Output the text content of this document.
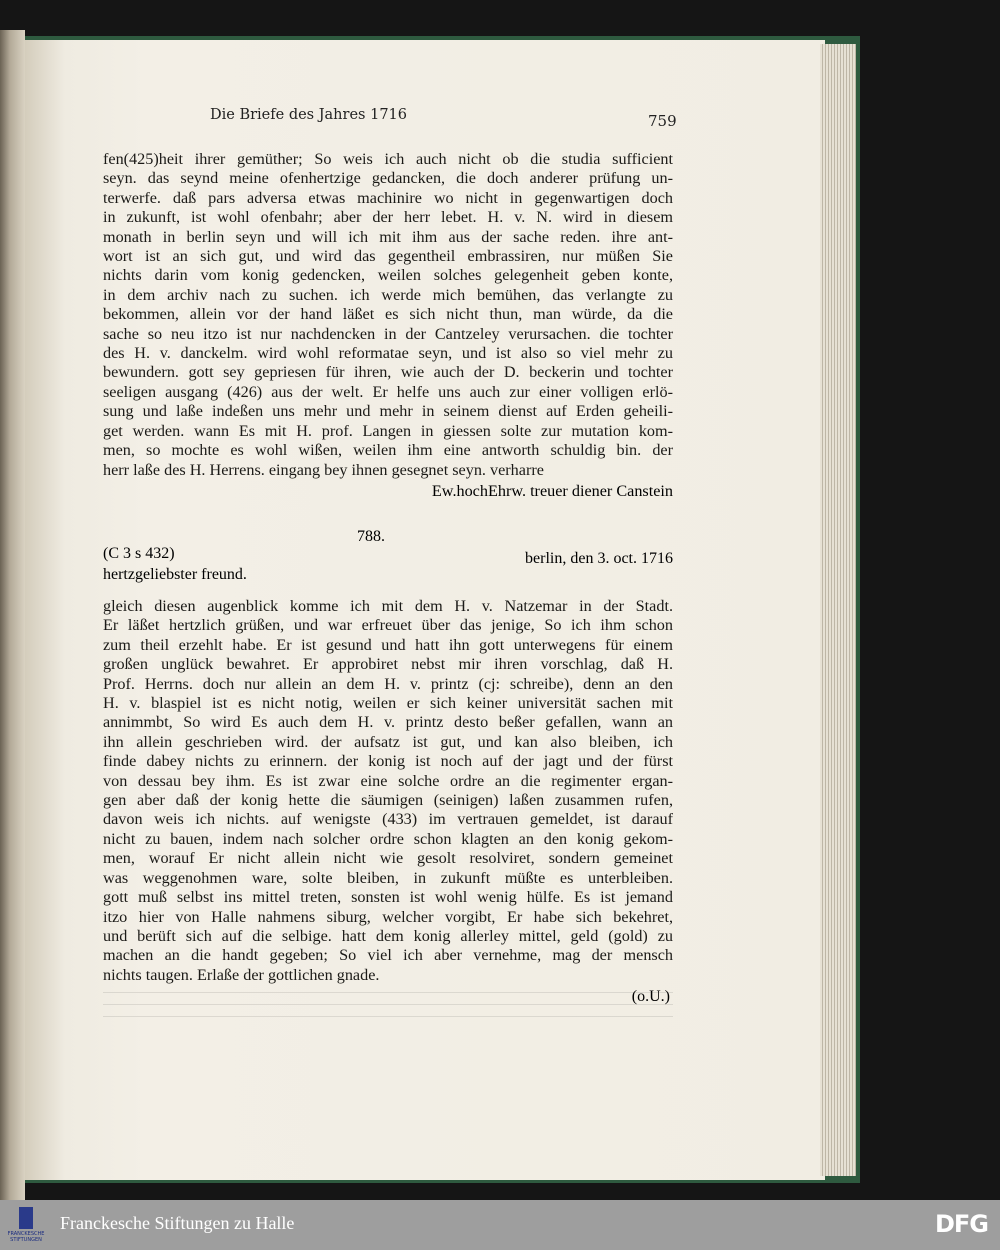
Die Briefe des Jahres 1716	759
fen(425)heit ihrer gemüther; So weis ich auch nicht ob die studia sufficient
seyn. das seynd meine ofenhertzige gedancken, die doch anderer prüfung un-
terwerfe. daß pars adversa etwas machinire wo nicht in gegenwartigen doch
in zukunft, ist wohl ofenbahr; aber der herr lebet. H. v. N. wird in diesem
monath in berlin seyn und will ich mit ihm aus der sache reden. ihre ant-
wort ist an sich gut, und wird das gegentheil embrassiren, nur müßen Sie
nichts darin vom konig gedencken, weilen solches gelegenheit geben konte,
in dem archiv nach zu suchen. ich werde mich bemühen, das verlangte zu
bekommen, allein vor der hand läßet es sich nicht thun, man würde, da die
sache so neu itzo ist nur nachdencken in der Cantzeley verursachen. die tochter
des H. v. danckelm. wird wohl reformatae seyn, und ist also so viel mehr zu
bewundern. gott sey gepriesen für ihren, wie auch der D. beckerin und tochter
seeligen ausgang (426) aus der welt. Er helfe uns auch zur einer volligen erlö-
sung und laße indeßen uns mehr und mehr in seinem dienst auf Erden geheili-
get werden. wann Es mit H. prof. Langen in giessen solte zur mutation kom-
men, so mochte es wohl wißen, weilen ihm eine antworth schuldig bin. der
herr laße des H. Herrens. eingang bey ihnen gesegnet seyn. verharre
Ew.hochEhrw. treuer diener Canstein
788.
(C 3 s 432)	berlin, den 3. oct. 1716
hertzgeliebster freund.
gleich diesen augenblick komme ich mit dem H. v. Natzemar in der Stadt.
Er läßet hertzlich grüßen, und war erfreuet über das jenige, So ich ihm schon
zum theil erzehlt habe. Er ist gesund und hatt ihn gott unterwegens für einem
großen unglück bewahret. Er approbiret nebst mir ihren vorschlag, daß H.
Prof. Herrns. doch nur allein an dem H. v. printz (cj: schreibe), denn an den
H. v. blaspiel ist es nicht notig, weilen er sich keiner universität sachen mit
annimmbt, So wird Es auch dem H. v. printz desto beßer gefallen, wann an
ihn allein geschrieben wird. der aufsatz ist gut, und kan also bleiben, ich
finde dabey nichts zu erinnern. der konig ist noch auf der jagt und der fürst
von dessau bey ihm. Es ist zwar eine solche ordre an die regimenter ergan-
gen aber daß der konig hette die säumigen (seinigen) laßen zusammen rufen,
davon weis ich nichts. auf wenigste (433) im vertrauen gemeldet, ist darauf
nicht zu bauen, indem nach solcher ordre schon klagten an den konig gekom-
men, worauf Er nicht allein nicht wie gesolt resolviret, sondern gemeinet
was weggenohmen ware, solte bleiben, in zukunft müßte es unterbleiben.
gott muß selbst ins mittel treten, sonsten ist wohl wenig hülfe. Es ist jemand
itzo hier von Halle nahmens siburg, welcher vorgibt, Er habe sich bekehret,
und berüft sich auf die selbige. hatt dem konig allerley mittel, geld (gold) zu
machen an die handt gegeben; So viel ich aber vernehme, mag der mensch
nichts taugen. Erlaße der gottlichen gnade.
(o.U.)
FRANCKESCHE STIFTUNGEN
Franckesche Stiftungen zu Halle	DFG
